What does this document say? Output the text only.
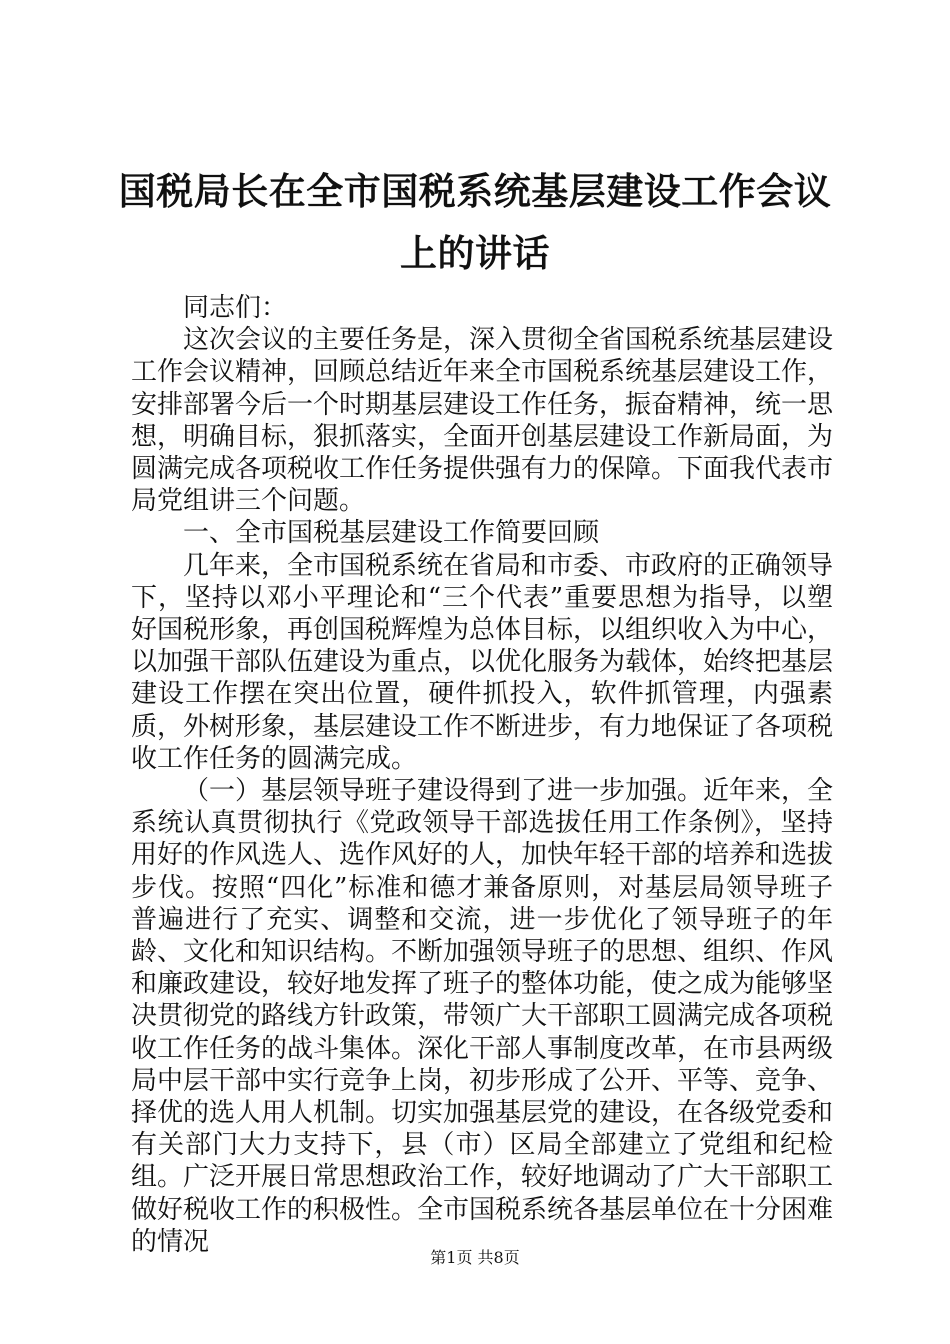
国税局长在全市国税系统基层建设工作会议上的讲话

同志们：

这次会议的主要任务是，深入贯彻全省国税系统基层建设工作会议精神，回顾总结近年来全市国税系统基层建设工作，安排部署今后一个时期基层建设工作任务，振奋精神，统一思想，明确目标，狠抓落实，全面开创基层建设工作新局面，为圆满完成各项税收工作任务提供强有力的保障。下面我代表市局党组讲三个问题。

一、全市国税基层建设工作简要回顾

几年来，全市国税系统在省局和市委、市政府的正确领导下，坚持以邓小平理论和“三个代表”重要思想为指导，以塑好国税形象，再创国税辉煌为总体目标，以组织收入为中心，以加强干部队伍建设为重点，以优化服务为载体，始终把基层建设工作摆在突出位置，硬件抓投入，软件抓管理，内强素质，外树形象，基层建设工作不断进步，有力地保证了各项税收工作任务的圆满完成。

（一）基层领导班子建设得到了进一步加强。近年来，全系统认真贯彻执行《党政领导干部选拔任用工作条例》，坚持用好的作风选人、选作风好的人，加快年轻干部的培养和选拔步伐。按照“四化”标准和德才兼备原则，对基层局领导班子普遍进行了充实、调整和交流，进一步优化了领导班子的年龄、文化和知识结构。不断加强领导班子的思想、组织、作风和廉政建设，较好地发挥了班子的整体功能，使之成为能够坚决贯彻党的路线方针政策，带领广大干部职工圆满完成各项税收工作任务的战斗集体。深化干部人事制度改革，在市县两级局中层干部中实行竞争上岗，初步形成了公开、平等、竞争、择优的选人用人机制。切实加强基层党的建设，在各级党委和有关部门大力支持下，县（市）区局全部建立了党组和纪检组。广泛开展日常思想政治工作，较好地调动了广大干部职工做好税收工作的积极性。全市国税系统各基层单位在十分困难的情况

第1页 共8页
